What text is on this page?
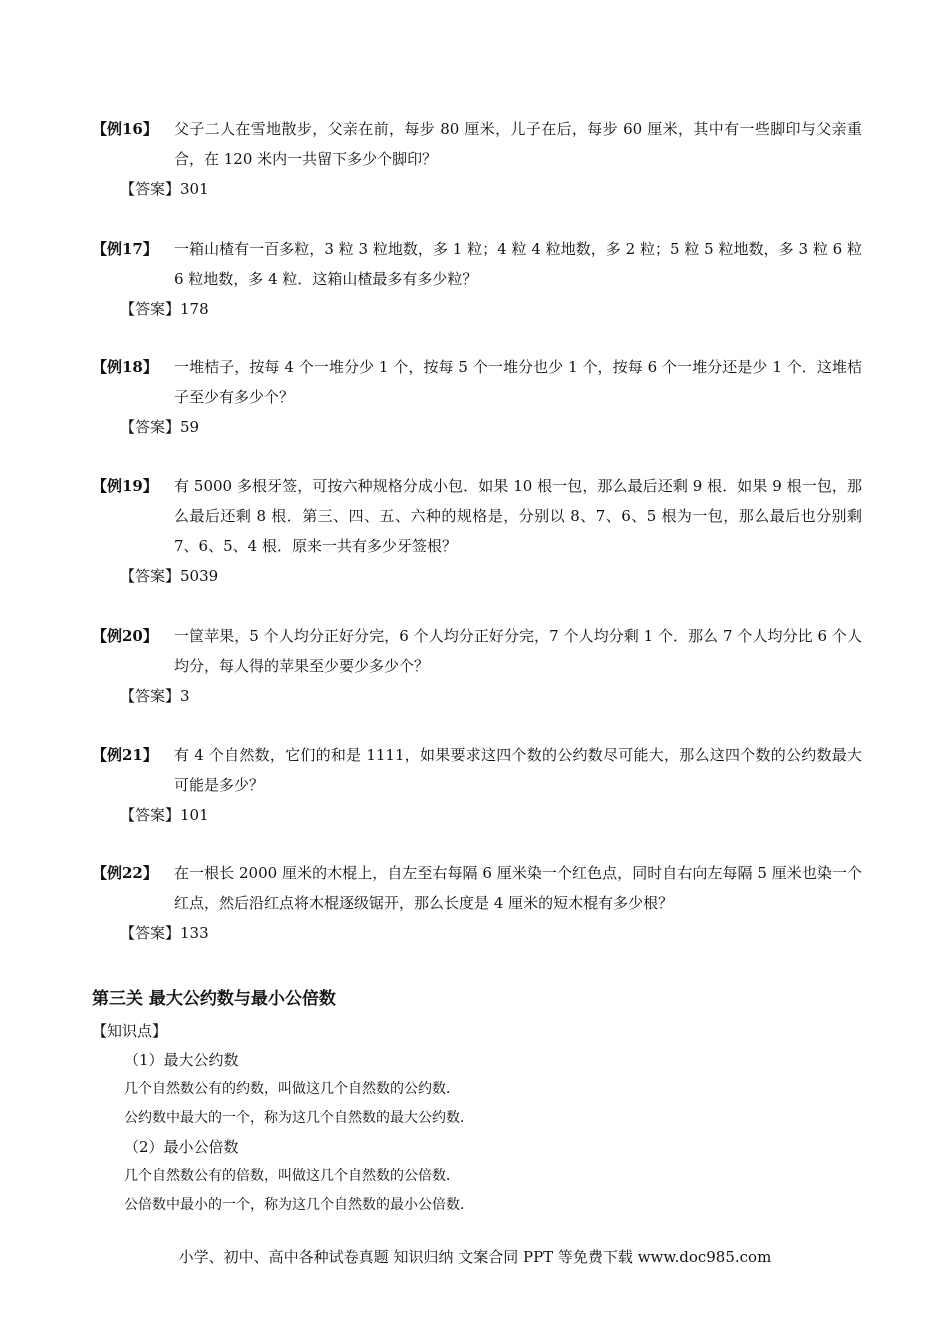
【例16】	父子二人在雪地散步，父亲在前，每步 80 厘米，儿子在后，每步 60 厘米，其中有一些脚印与父亲重合，在 120 米内一共留下多少个脚印？
【答案】301
【例17】	一箱山楂有一百多粒，3 粒 3 粒地数，多 1 粒；4 粒 4 粒地数，多 2 粒；5 粒 5 粒地数，多 3 粒 6 粒 6 粒地数，多 4 粒．这箱山楂最多有多少粒？
【答案】178
【例18】	一堆桔子，按每 4 个一堆分少 1 个，按每 5 个一堆分也少 1 个，按每 6 个一堆分还是少 1 个．这堆桔子至少有多少个？
【答案】59
【例19】	有 5000 多根牙签，可按六种规格分成小包．如果 10 根一包，那么最后还剩 9 根．如果 9 根一包，那么最后还剩 8 根．第三、四、五、六种的规格是，分别以 8、7、6、5 根为一包，那么最后也分别剩 7、6、5、4 根．原来一共有多少牙签根？
【答案】5039
【例20】	一筐苹果，5 个人均分正好分完，6 个人均分正好分完，7 个人均分剩 1 个．那么 7 个人均分比 6 个人均分，每人得的苹果至少要少多少个？
【答案】3
【例21】	有 4 个自然数，它们的和是 1111，如果要求这四个数的公约数尽可能大，那么这四个数的公约数最大可能是多少？
【答案】101
【例22】	在一根长 2000 厘米的木棍上，自左至右每隔 6 厘米染一个红色点，同时自右向左每隔 5 厘米也染一个红点，然后沿红点将木棍逐级锯开，那么长度是 4 厘米的短木棍有多少根？
【答案】133
第三关 最大公约数与最小公倍数
【知识点】
（1）最大公约数
几个自然数公有的约数，叫做这几个自然数的公约数．
公约数中最大的一个，称为这几个自然数的最大公约数．
（2）最小公倍数
几个自然数公有的倍数，叫做这几个自然数的公倍数．
公倍数中最小的一个，称为这几个自然数的最小公倍数．
小学、初中、高中各种试卷真题 知识归纳 文案合同 PPT 等免费下载 www.doc985.com
